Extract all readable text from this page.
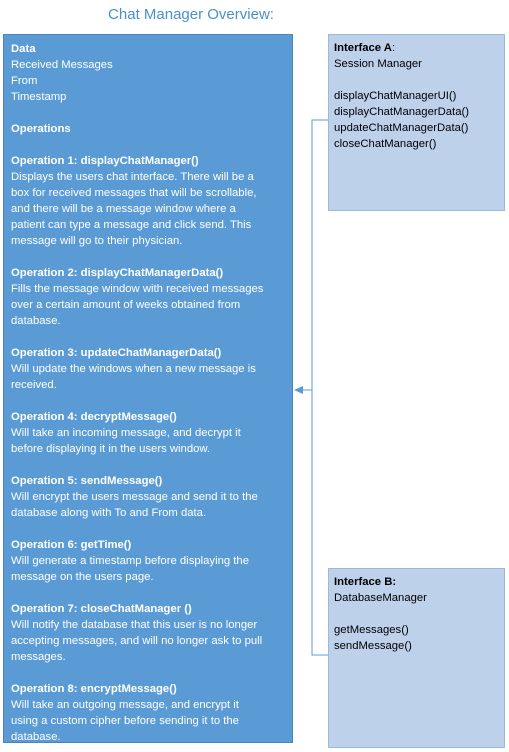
Chat Manager Overview:
Data
Received Messages
From
Timestamp
Operations
Operation 1: displayChatManager()
Displays the users chat interface. There will be a
box for received messages that will be scrollable,
and there will be a message window where a
patient can type a message and click send. This
message will go to their physician.
Operation 2: displayChatManagerData()
Fills the message window with received messages
over a certain amount of weeks obtained from
database.
Operation 3: updateChatManagerData()
Will update the windows when a new message is
received.
Operation 4: decryptMessage()
Will take an incoming message, and decrypt it
before displaying it in the users window.
Operation 5: sendMessage()
Will encrypt the users message and send it to the
database along with To and From data.
Operation 6: getTime()
Will generate a timestamp before displaying the
message on the users page.
Operation 7: closeChatManager ()
Will notify the database that this user is no longer
accepting messages, and will no longer ask to pull
messages.
Operation 8: encryptMessage()
Will take an outgoing message, and encrypt it
using a custom cipher before sending it to the
database.
Interface A:
Session Manager
displayChatManagerUI()
displayChatManagerData()
updateChatManagerData()
closeChatManager()
Interface B:
DatabaseManager
getMessages()
sendMessage()
